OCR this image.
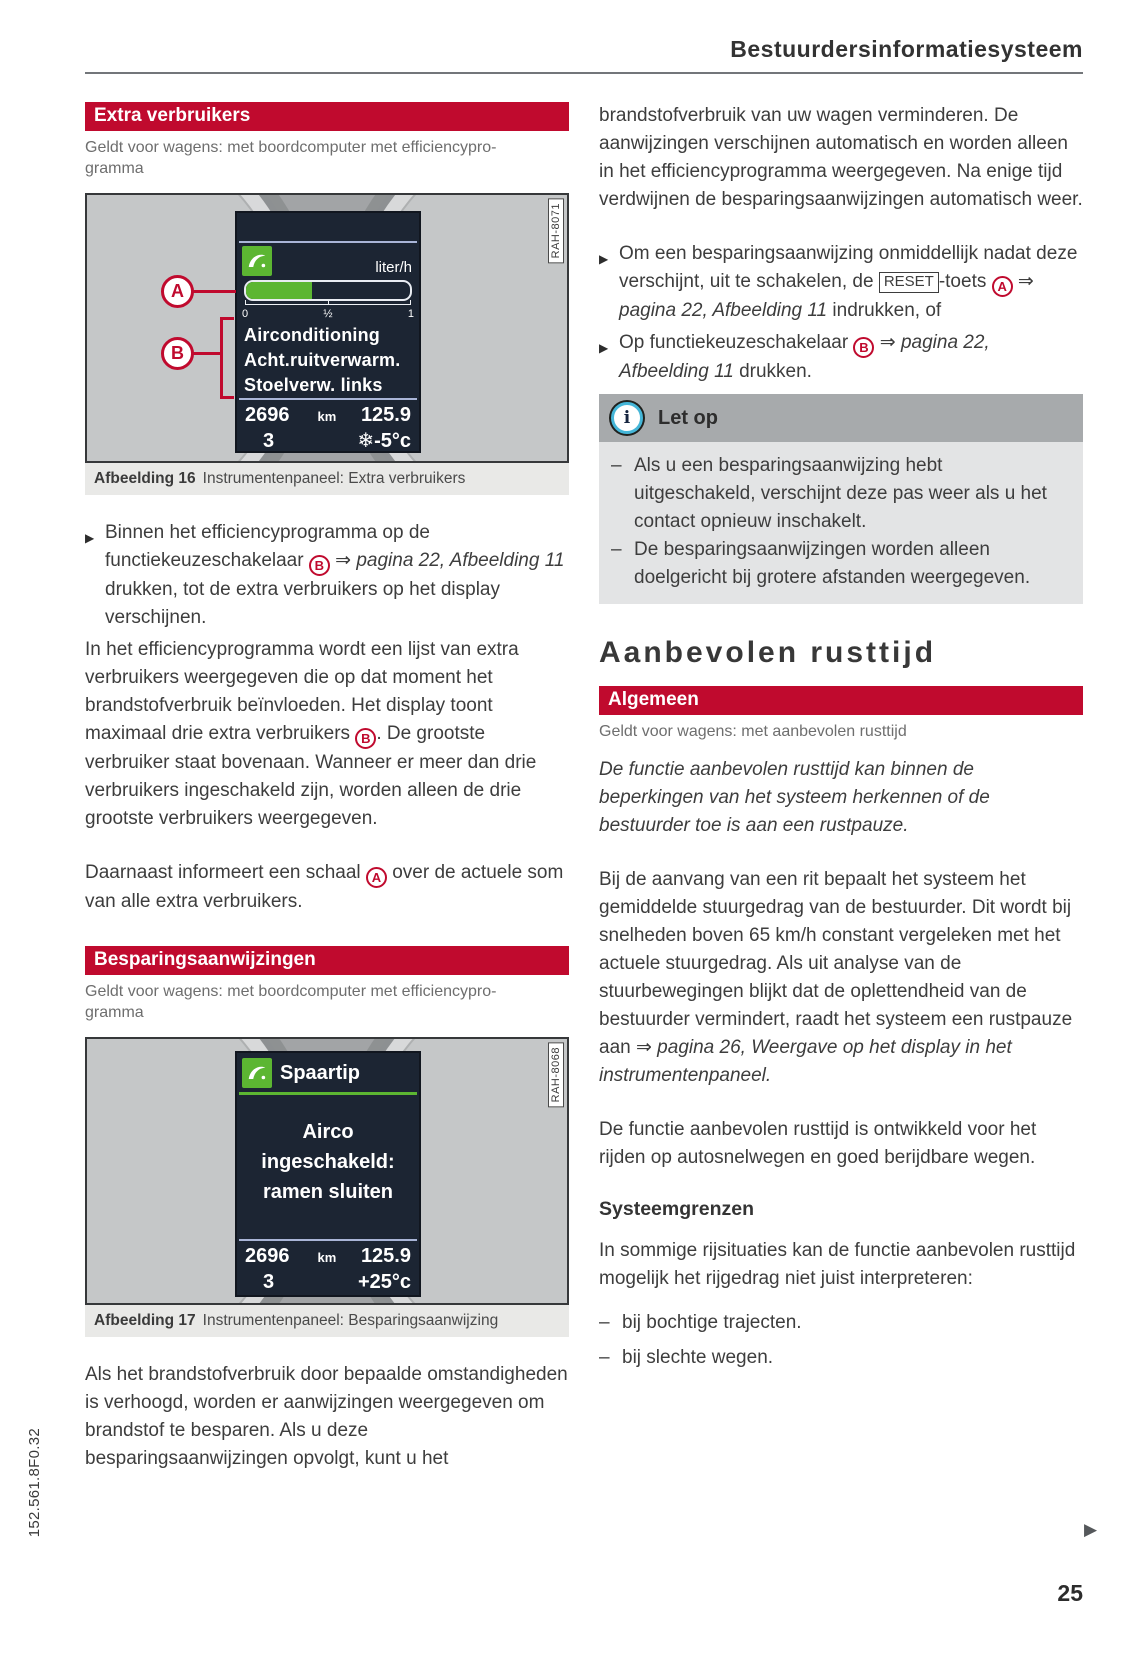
152.561.8F0.32
Bestuurdersinformatiesysteem
Extra verbruikers
Geldt voor wagens: met boordcomputer met efficiencyprogramma
liter/h
0	½	1
Airconditioning
Acht.ruitverwarm.
Stoelverw. links
2696	km 125.9
3	❄-5°c
A
B
RAH-8071
Afbeelding 16 Instrumentenpaneel: Extra verbruikers
▶ Binnen het efficiencyprogramma op de functiekeuzeschakelaar B ⇒ pagina 22, Afbeelding 11 drukken, tot de extra verbruikers op het display verschijnen.

In het efficiencyprogramma wordt een lijst van extra verbruikers weergegeven die op dat moment het brandstofverbruik beïnvloeden. Het display toont maximaal drie extra verbruikers B . De grootste verbruiker staat bovenaan. Wanneer er meer dan drie verbruikers ingeschakeld zijn, worden alleen de drie grootste verbruikers weergegeven.

Daarnaast informeert een schaal A over de actuele som van alle extra verbruikers.

Besparingsaanwijzingen
Geldt voor wagens: met boordcomputer met efficiencyprogramma
Spaartip
Airco
ingeschakeld:
ramen sluiten
2696	km 125.9
3	+25°c
RAH-8068
Afbeelding 17 Instrumentenpaneel: Besparingsaanwijzing

Als het brandstofverbruik door bepaalde omstandigheden is verhoogd, worden er aanwijzingen weergegeven om brandstof te besparen. Als u deze besparingsaanwijzingen opvolgt, kunt u het

brandstofverbruik van uw wagen verminderen. De aanwijzingen verschijnen automatisch en worden alleen in het efficiencyprogramma weergegeven. Na enige tijd verdwijnen de besparingsaanwijzingen automatisch weer.

▶ Om een besparingsaanwijzing onmiddellijk nadat deze verschijnt, uit te schakelen, de RESET -toets A ⇒ pagina 22, Afbeelding 11 indrukken, of
▶ Op functiekeuzeschakelaar B ⇒ pagina 22, Afbeelding 11 drukken.
i	Let op
– Als u een besparingsaanwijzing hebt uitgeschakeld, verschijnt deze pas weer als u het contact opnieuw inschakelt.
– De besparingsaanwijzingen worden alleen doelgericht bij grotere afstanden weergegeven.
Aanbevolen rusttijd
Algemeen
Geldt voor wagens: met aanbevolen rusttijd

De functie aanbevolen rusttijd kan binnen de beperkingen van het systeem herkennen of de bestuurder toe is aan een rustpauze.

Bij de aanvang van een rit bepaalt het systeem het gemiddelde stuurgedrag van de bestuurder. Dit wordt bij snelheden boven 65 km/h constant vergeleken met het actuele stuurgedrag. Als uit analyse van de stuurbewegingen blijkt dat de oplettendheid van de bestuurder vermindert, raadt het systeem een rustpauze aan ⇒ pagina 26, Weergave op het display in het instrumentenpaneel.

De functie aanbevolen rusttijd is ontwikkeld voor het rijden op autosnelwegen en goed berijdbare wegen.

Systeemgrenzen

In sommige rijsituaties kan de functie aanbevolen rusttijd mogelijk het rijgedrag niet juist interpreteren:

– bij bochtige trajecten.
– bij slechte wegen.
▶
25
